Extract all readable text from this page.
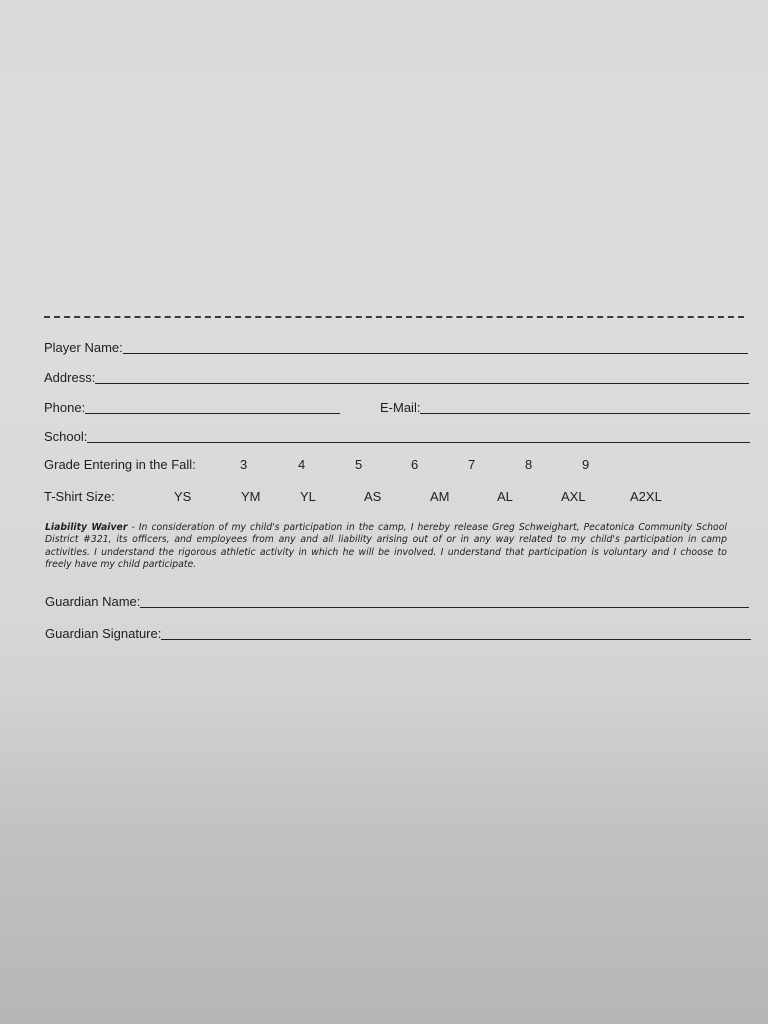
Player Name:
Address:
Phone:	E-Mail:
School:
Grade Entering in the Fall:	3	4	5	6	7	8	9
T-Shirt Size:	YS	YM	YL	AS	AM	AL	AXL	A2XL
Liability Waiver - In consideration of my child's participation in the camp, I hereby release Greg Schweighart, Pecatonica Community School District #321, its officers, and employees from any and all liability arising out of or in any way related to my child's participation in camp activities. I understand the rigorous athletic activity in which he will be involved. I understand that participation is voluntary and I choose to freely have my child participate.
Guardian Name:
Guardian Signature:
